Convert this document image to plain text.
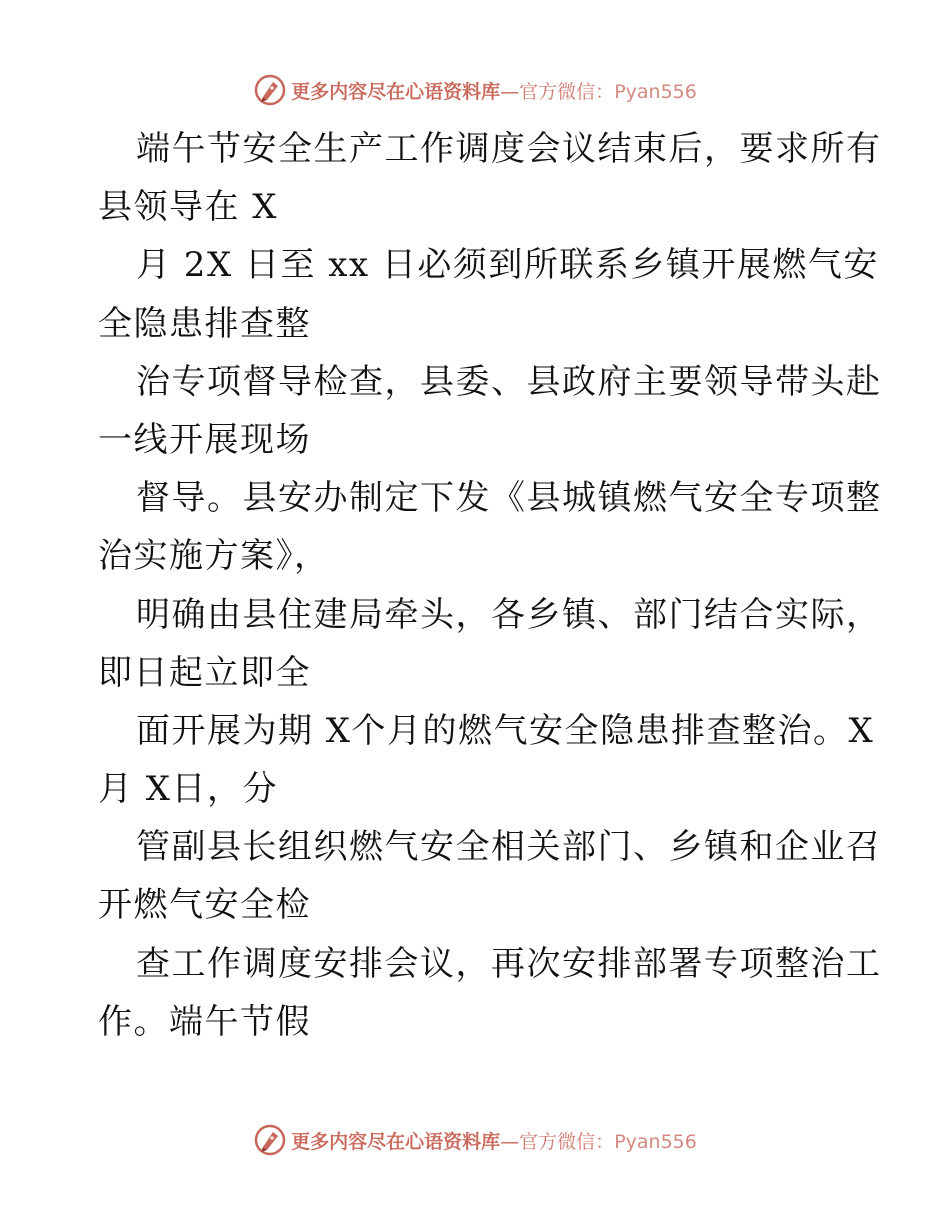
更多内容尽在心语资料库—官方微信：Pyan556
端午节安全生产工作调度会议结束后，要求所有
县领导在 X
月 2X 日至 xx 日必须到所联系乡镇开展燃气安
全隐患排查整
治专项督导检查，县委、县政府主要领导带头赴
一线开展现场
督导。县安办制定下发《县城镇燃气安全专项整
治实施方案》，
明确由县住建局牵头，各乡镇、部门结合实际，
即日起立即全
面开展为期 X个月的燃气安全隐患排查整治。X
月 X日，分
管副县长组织燃气安全相关部门、乡镇和企业召
开燃气安全检
查工作调度安排会议，再次安排部署专项整治工
作。端午节假
更多内容尽在心语资料库—官方微信：Pyan556
